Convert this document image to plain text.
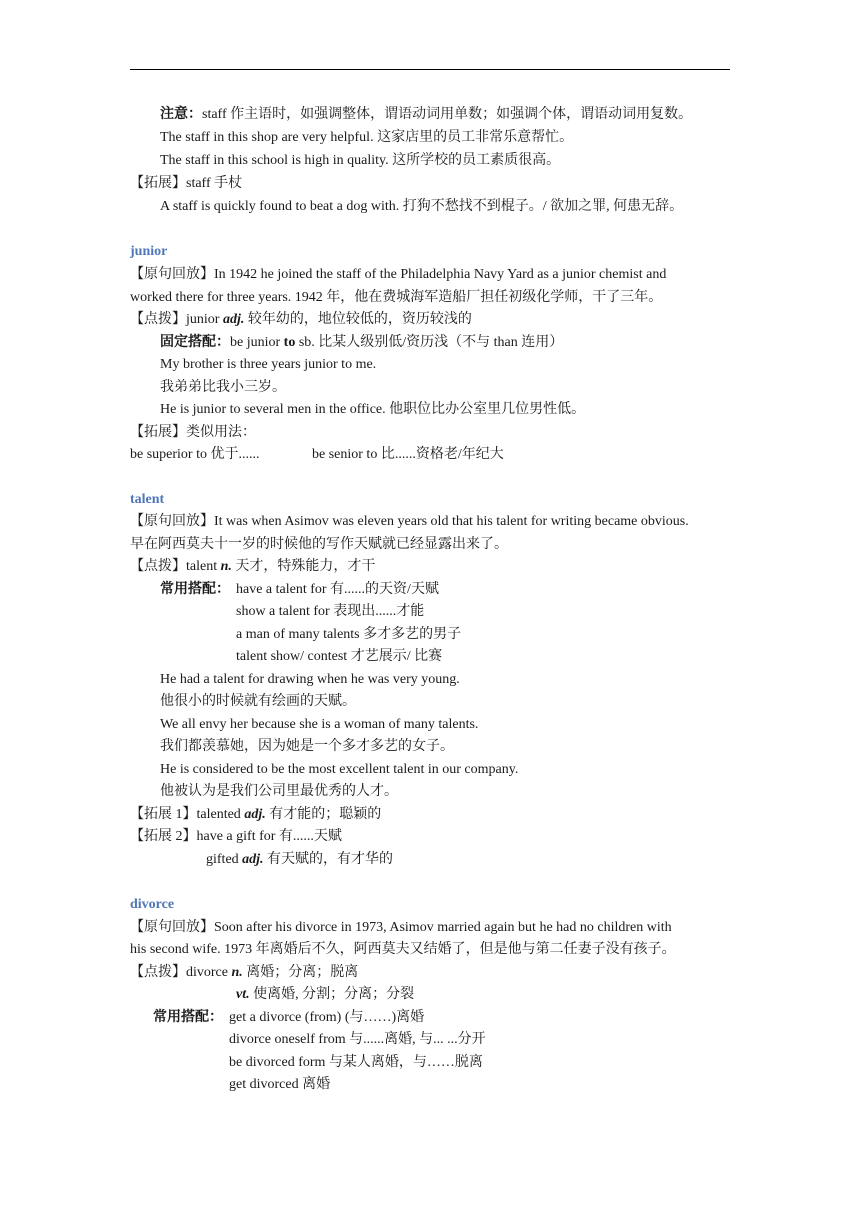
注意：staff 作主语时，如强调整体，谓语动词用单数；如强调个体，谓语动词用复数。
The staff in this shop are very helpful. 这家店里的员工非常乐意帮忙。
The staff in this school is high in quality. 这所学校的员工素质很高。
【拓展】staff 手杖
A staff is quickly found to beat a dog with. 打狗不愁找不到棍子。/ 欲加之罪, 何患无辞。
junior
【原句回放】In 1942 he joined the staff of the Philadelphia Navy Yard as a junior chemist and
worked there for three years. 1942 年，他在费城海军造船厂担任初级化学师，干了三年。
【点拨】junior adj. 较年幼的，地位较低的，资历较浅的
固定搭配：be junior to sb. 比某人级别低/资历浅（不与 than 连用）
My brother is three years junior to me.
我弟弟比我小三岁。
He is junior to several men in the office. 他职位比办公室里几位男性低。
【拓展】类似用法：
be superior to 优于......	be senior to 比......资格老/年纪大
talent
【原句回放】It was when Asimov was eleven years old that his talent for writing became obvious.
早在阿西莫夫十一岁的时候他的写作天赋就已经显露出来了。
【点拨】talent n. 天才，特殊能力，才干
常用搭配： have a talent for 有......的天资/天赋
show a talent for 表现出......才能
a man of many talents 多才多艺的男子
talent show/ contest 才艺展示/ 比赛
He had a talent for drawing when he was very young.
他很小的时候就有绘画的天赋。
We all envy her because she is a woman of many talents.
我们都羡慕她，因为她是一个多才多艺的女子。
He is considered to be the most excellent talent in our company.
他被认为是我们公司里最优秀的人才。
【拓展 1】talented adj. 有才能的；聪颖的
【拓展 2】have a gift for 有......天赋
gifted adj. 有天赋的，有才华的
divorce
【原句回放】Soon after his divorce in 1973, Asimov married again but he had no children with
his second wife. 1973 年离婚后不久，阿西莫夫又结婚了，但是他与第二任妻子没有孩子。
【点拨】divorce n. 离婚；分离；脱离
vt. 使离婚, 分割；分离；分裂
常用搭配： get a divorce (from) (与……)离婚
divorce oneself from 与......离婚, 与... ...分开
be divorced form 与某人离婚，与……脱离
get divorced 离婚
